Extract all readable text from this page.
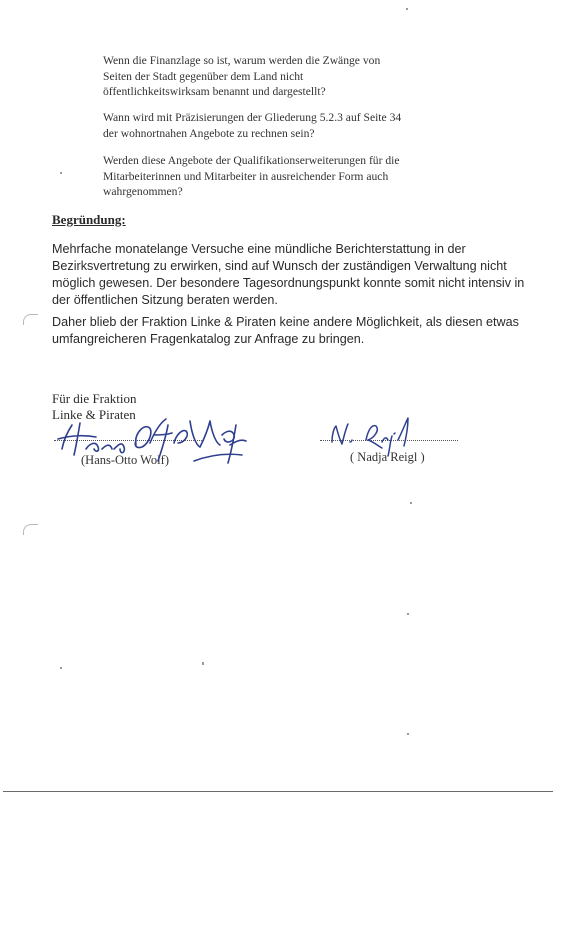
Wenn die Finanzlage so ist, warum werden die Zwänge von
Seiten der Stadt gegenüber dem Land nicht
öffentlichkeitswirksam benannt und dargestellt?
Wann wird mit Präzisierungen der Gliederung 5.2.3 auf Seite 34
der wohnortnahen Angebote zu rechnen sein?
Werden diese Angebote der Qualifikationserweiterungen für die
Mitarbeiterinnen und Mitarbeiter in ausreichender Form auch
wahrgenommen?
Begründung:
Mehrfache monatelange Versuche eine mündliche Berichterstattung in der
Bezirksvertretung zu erwirken, sind auf Wunsch der zuständigen Verwaltung nicht
möglich gewesen. Der besondere Tagesordnungspunkt konnte somit nicht intensiv in
der öffentlichen Sitzung beraten werden.
Daher blieb der Fraktion Linke & Piraten keine andere Möglichkeit, als diesen etwas
umfangreicheren Fragenkatalog zur Anfrage zu bringen.
Für die Fraktion
Linke & Piraten
(Hans-Otto Wolf)	( Nadja Reigl )
